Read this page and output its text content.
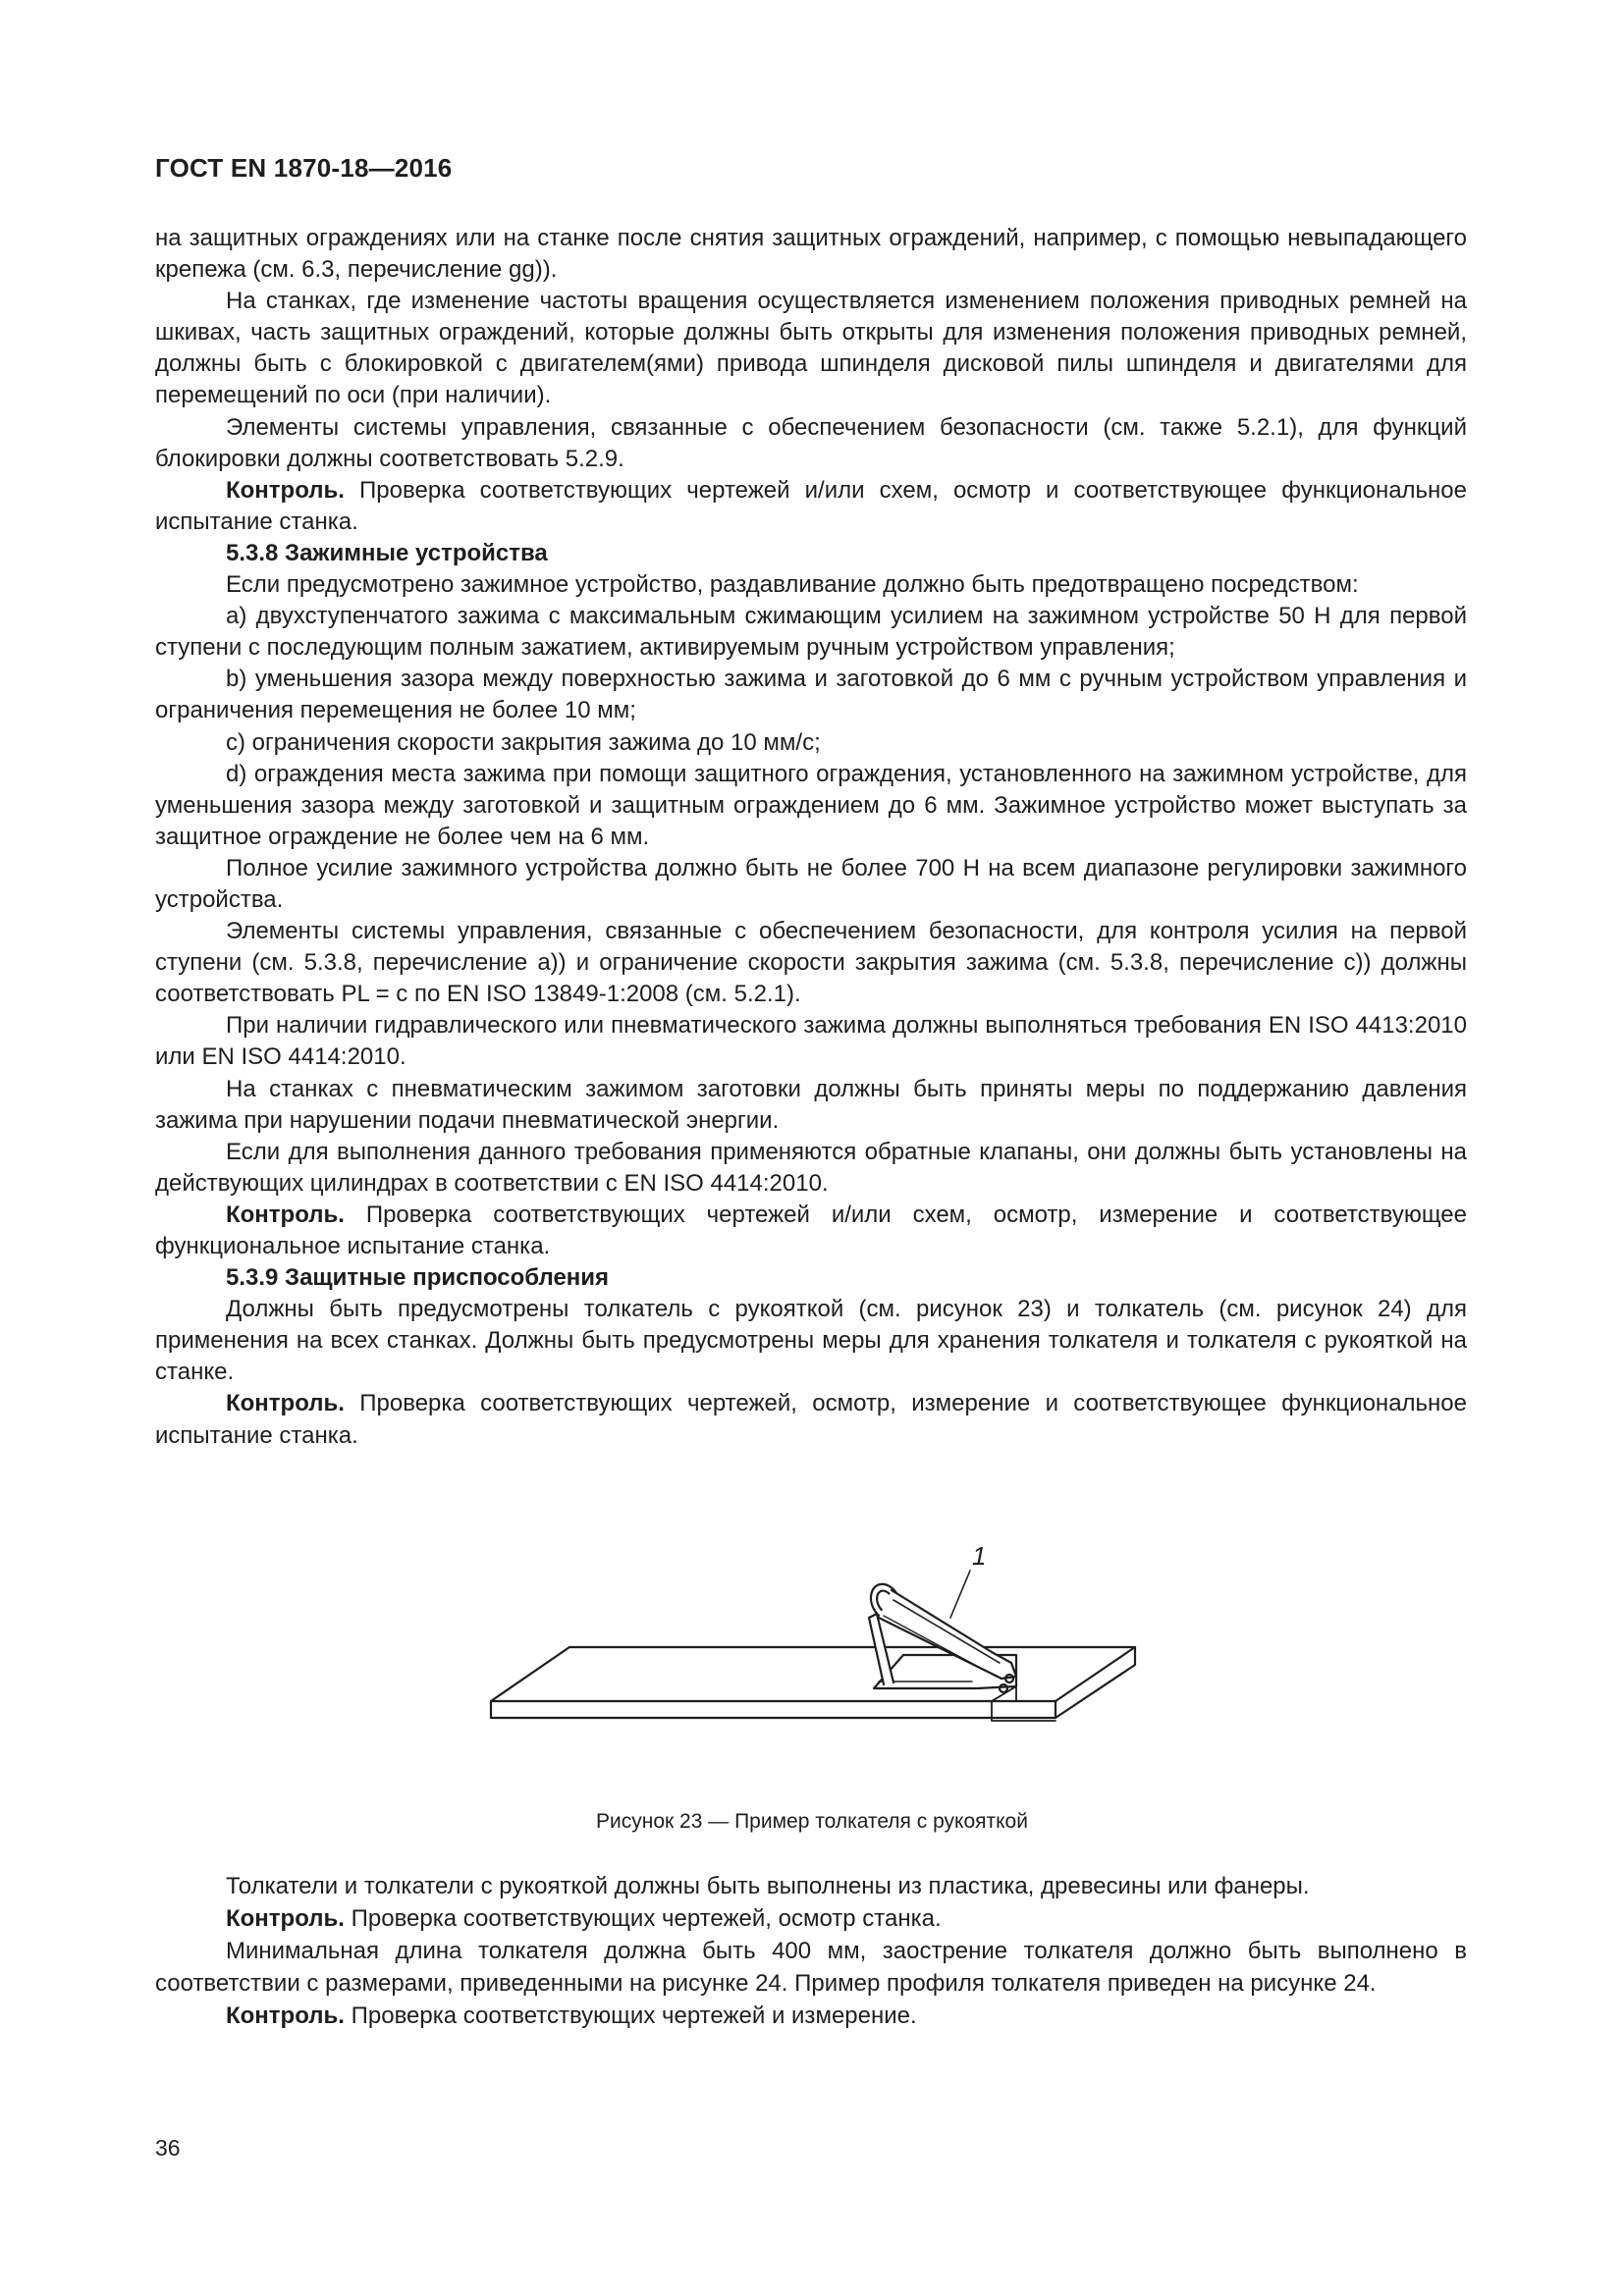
ГОСТ EN 1870-18—2016

на защитных ограждениях или на станке после снятия защитных ограждений, например, с помощью невыпадающего крепежа (см. 6.3, перечисление gg)).

На станках, где изменение частоты вращения осуществляется изменением положения приводных ремней на шкивах, часть защитных ограждений, которые должны быть открыты для изменения положения приводных ремней, должны быть с блокировкой с двигателем(ями) привода шпинделя дисковой пилы шпинделя и двигателями для перемещений по оси (при наличии).

Элементы системы управления, связанные с обеспечением безопасности (см. также 5.2.1), для функций блокировки должны соответствовать 5.2.9.

Контроль. Проверка соответствующих чертежей и/или схем, осмотр и соответствующее функциональное испытание станка.

5.3.8 Зажимные устройства

Если предусмотрено зажимное устройство, раздавливание должно быть предотвращено посредством:

а) двухступенчатого зажима с максимальным сжимающим усилием на зажимном устройстве 50 Н для первой ступени с последующим полным зажатием, активируемым ручным устройством управления;

b) уменьшения зазора между поверхностью зажима и заготовкой до 6 мм с ручным устройством управления и ограничения перемещения не более 10 мм;

c) ограничения скорости закрытия зажима до 10 мм/с;

d) ограждения места зажима при помощи защитного ограждения, установленного на зажимном устройстве, для уменьшения зазора между заготовкой и защитным ограждением до 6 мм. Зажимное устройство может выступать за защитное ограждение не более чем на 6 мм.

Полное усилие зажимного устройства должно быть не более 700 Н на всем диапазоне регулировки зажимного устройства.

Элементы системы управления, связанные с обеспечением безопасности, для контроля усилия на первой ступени (см. 5.3.8, перечисление a)) и ограничение скорости закрытия зажима (см. 5.3.8, перечисление c)) должны соответствовать PL = c по EN ISO 13849-1:2008 (см. 5.2.1).

При наличии гидравлического или пневматического зажима должны выполняться требования EN ISO 4413:2010 или EN ISO 4414:2010.

На станках с пневматическим зажимом заготовки должны быть приняты меры по поддержанию давления зажима при нарушении подачи пневматической энергии.

Если для выполнения данного требования применяются обратные клапаны, они должны быть установлены на действующих цилиндрах в соответствии с EN ISO 4414:2010.

Контроль. Проверка соответствующих чертежей и/или схем, осмотр, измерение и соответствующее функциональное испытание станка.

5.3.9 Защитные приспособления

Должны быть предусмотрены толкатель с рукояткой (см. рисунок 23) и толкатель (см. рисунок 24) для применения на всех станках. Должны быть предусмотрены меры для хранения толкателя и толкателя с рукояткой на станке.

Контроль. Проверка соответствующих чертежей, осмотр, измерение и соответствующее функциональное испытание станка.

1
Рисунок 23 — Пример толкателя с рукояткой

Толкатели и толкатели с рукояткой должны быть выполнены из пластика, древесины или фанеры.

Контроль. Проверка соответствующих чертежей, осмотр станка.

Минимальная длина толкателя должна быть 400 мм, заострение толкателя должно быть выполнено в соответствии с размерами, приведенными на рисунке 24. Пример профиля толкателя приведен на рисунке 24.

Контроль. Проверка соответствующих чертежей и измерение.

36
